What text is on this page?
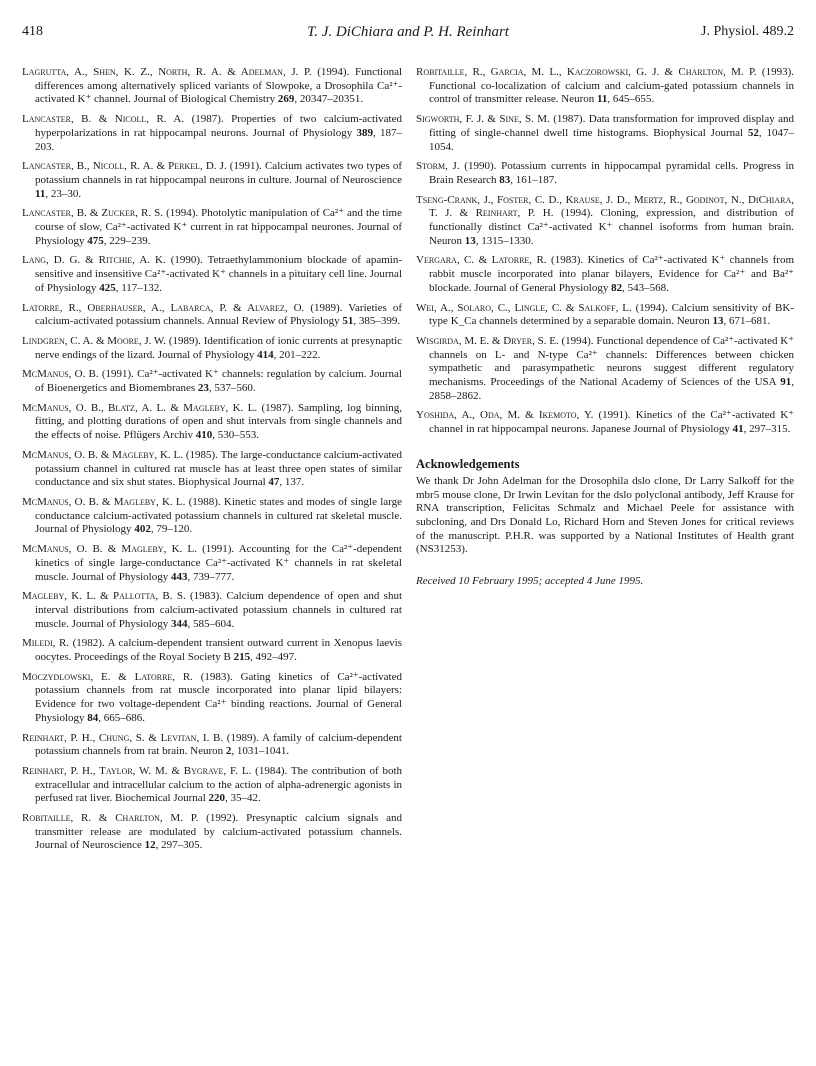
418	T. J. DiChiara and P. H. Reinhart	J. Physiol. 489.2

Lagrutta, A., Shen, K. Z., North, R. A. & Adelman, J. P. (1994). Functional differences among alternatively spliced variants of Slowpoke, a Drosophila Ca²⁺-activated K⁺ channel. Journal of Biological Chemistry 269, 20347–20351.

Lancaster, B. & Nicoll, R. A. (1987). Properties of two calcium-activated hyperpolarizations in rat hippocampal neurons. Journal of Physiology 389, 187–203.

Lancaster, B., Nicoll, R. A. & Perkel, D. J. (1991). Calcium activates two types of potassium channels in rat hippocampal neurons in culture. Journal of Neuroscience 11, 23–30.

Lancaster, B. & Zucker, R. S. (1994). Photolytic manipulation of Ca²⁺ and the time course of slow, Ca²⁺-activated K⁺ current in rat hippocampal neurones. Journal of Physiology 475, 229–239.

Lang, D. G. & Ritchie, A. K. (1990). Tetraethylammonium blockade of apamin-sensitive and insensitive Ca²⁺-activated K⁺ channels in a pituitary cell line. Journal of Physiology 425, 117–132.

Latorre, R., Oberhauser, A., Labarca, P. & Alvarez, O. (1989). Varieties of calcium-activated potassium channels. Annual Review of Physiology 51, 385–399.

Lindgren, C. A. & Moore, J. W. (1989). Identification of ionic currents at presynaptic nerve endings of the lizard. Journal of Physiology 414, 201–222.

McManus, O. B. (1991). Ca²⁺-activated K⁺ channels: regulation by calcium. Journal of Bioenergetics and Biomembranes 23, 537–560.

McManus, O. B., Blatz, A. L. & Magleby, K. L. (1987). Sampling, log binning, fitting, and plotting durations of open and shut intervals from single channels and the effects of noise. Pflügers Archiv 410, 530–553.

McManus, O. B. & Magleby, K. L. (1985). The large-conductance calcium-activated potassium channel in cultured rat muscle has at least three open states of similar conductance and six shut states. Biophysical Journal 47, 137.

McManus, O. B. & Magleby, K. L. (1988). Kinetic states and modes of single large conductance calcium-activated potassium channels in cultured rat skeletal muscle. Journal of Physiology 402, 79–120.

McManus, O. B. & Magleby, K. L. (1991). Accounting for the Ca²⁺-dependent kinetics of single large-conductance Ca²⁺-activated K⁺ channels in rat skeletal muscle. Journal of Physiology 443, 739–777.

Magleby, K. L. & Pallotta, B. S. (1983). Calcium dependence of open and shut interval distributions from calcium-activated potassium channels in cultured rat muscle. Journal of Physiology 344, 585–604.

Miledi, R. (1982). A calcium-dependent transient outward current in Xenopus laevis oocytes. Proceedings of the Royal Society B 215, 492–497.

Moczydlowski, E. & Latorre, R. (1983). Gating kinetics of Ca²⁺-activated potassium channels from rat muscle incorporated into planar lipid bilayers: Evidence for two voltage-dependent Ca²⁺ binding reactions. Journal of General Physiology 84, 665–686.

Reinhart, P. H., Chung, S. & Levitan, I. B. (1989). A family of calcium-dependent potassium channels from rat brain. Neuron 2, 1031–1041.

Reinhart, P. H., Taylor, W. M. & Bygrave, F. L. (1984). The contribution of both extracellular and intracellular calcium to the action of alpha-adrenergic agonists in perfused rat liver. Biochemical Journal 220, 35–42.

Robitaille, R. & Charlton, M. P. (1992). Presynaptic calcium signals and transmitter release are modulated by calcium-activated potassium channels. Journal of Neuroscience 12, 297–305.

Robitaille, R., Garcia, M. L., Kaczorowski, G. J. & Charlton, M. P. (1993). Functional co-localization of calcium and calcium-gated potassium channels in control of transmitter release. Neuron 11, 645–655.

Sigworth, F. J. & Sine, S. M. (1987). Data transformation for improved display and fitting of single-channel dwell time histograms. Biophysical Journal 52, 1047–1054.

Storm, J. (1990). Potassium currents in hippocampal pyramidal cells. Progress in Brain Research 83, 161–187.

Tseng-Crank, J., Foster, C. D., Krause, J. D., Mertz, R., Godinot, N., DiChiara, T. J. & Reinhart, P. H. (1994). Cloning, expression, and distribution of functionally distinct Ca²⁺-activated K⁺ channel isoforms from human brain. Neuron 13, 1315–1330.

Vergara, C. & Latorre, R. (1983). Kinetics of Ca²⁺-activated K⁺ channels from rabbit muscle incorporated into planar bilayers, Evidence for Ca²⁺ and Ba²⁺ blockade. Journal of General Physiology 82, 543–568.

Wei, A., Solaro, C., Lingle, C. & Salkoff, L. (1994). Calcium sensitivity of BK-type K_Ca channels determined by a separable domain. Neuron 13, 671–681.

Wisgirda, M. E. & Dryer, S. E. (1994). Functional dependence of Ca²⁺-activated K⁺ channels on L- and N-type Ca²⁺ channels: Differences between chicken sympathetic and parasympathetic neurons suggest different regulatory mechanisms. Proceedings of the National Academy of Sciences of the USA 91, 2858–2862.

Yoshida, A., Oda, M. & Ikemoto, Y. (1991). Kinetics of the Ca²⁺-activated K⁺ channel in rat hippocampal neurons. Japanese Journal of Physiology 41, 297–315.

Acknowledgements

We thank Dr John Adelman for the Drosophila dslo clone, Dr Larry Salkoff for the mbr5 mouse clone, Dr Irwin Levitan for the dslo polyclonal antibody, Jeff Krause for RNA transcription, Felicitas Schmalz and Michael Peele for assistance with subcloning, and Drs Donald Lo, Richard Horn and Steven Jones for critical reviews of the manuscript. P.H.R. was supported by a National Institutes of Health grant (NS31253).

Received 10 February 1995; accepted 4 June 1995.
